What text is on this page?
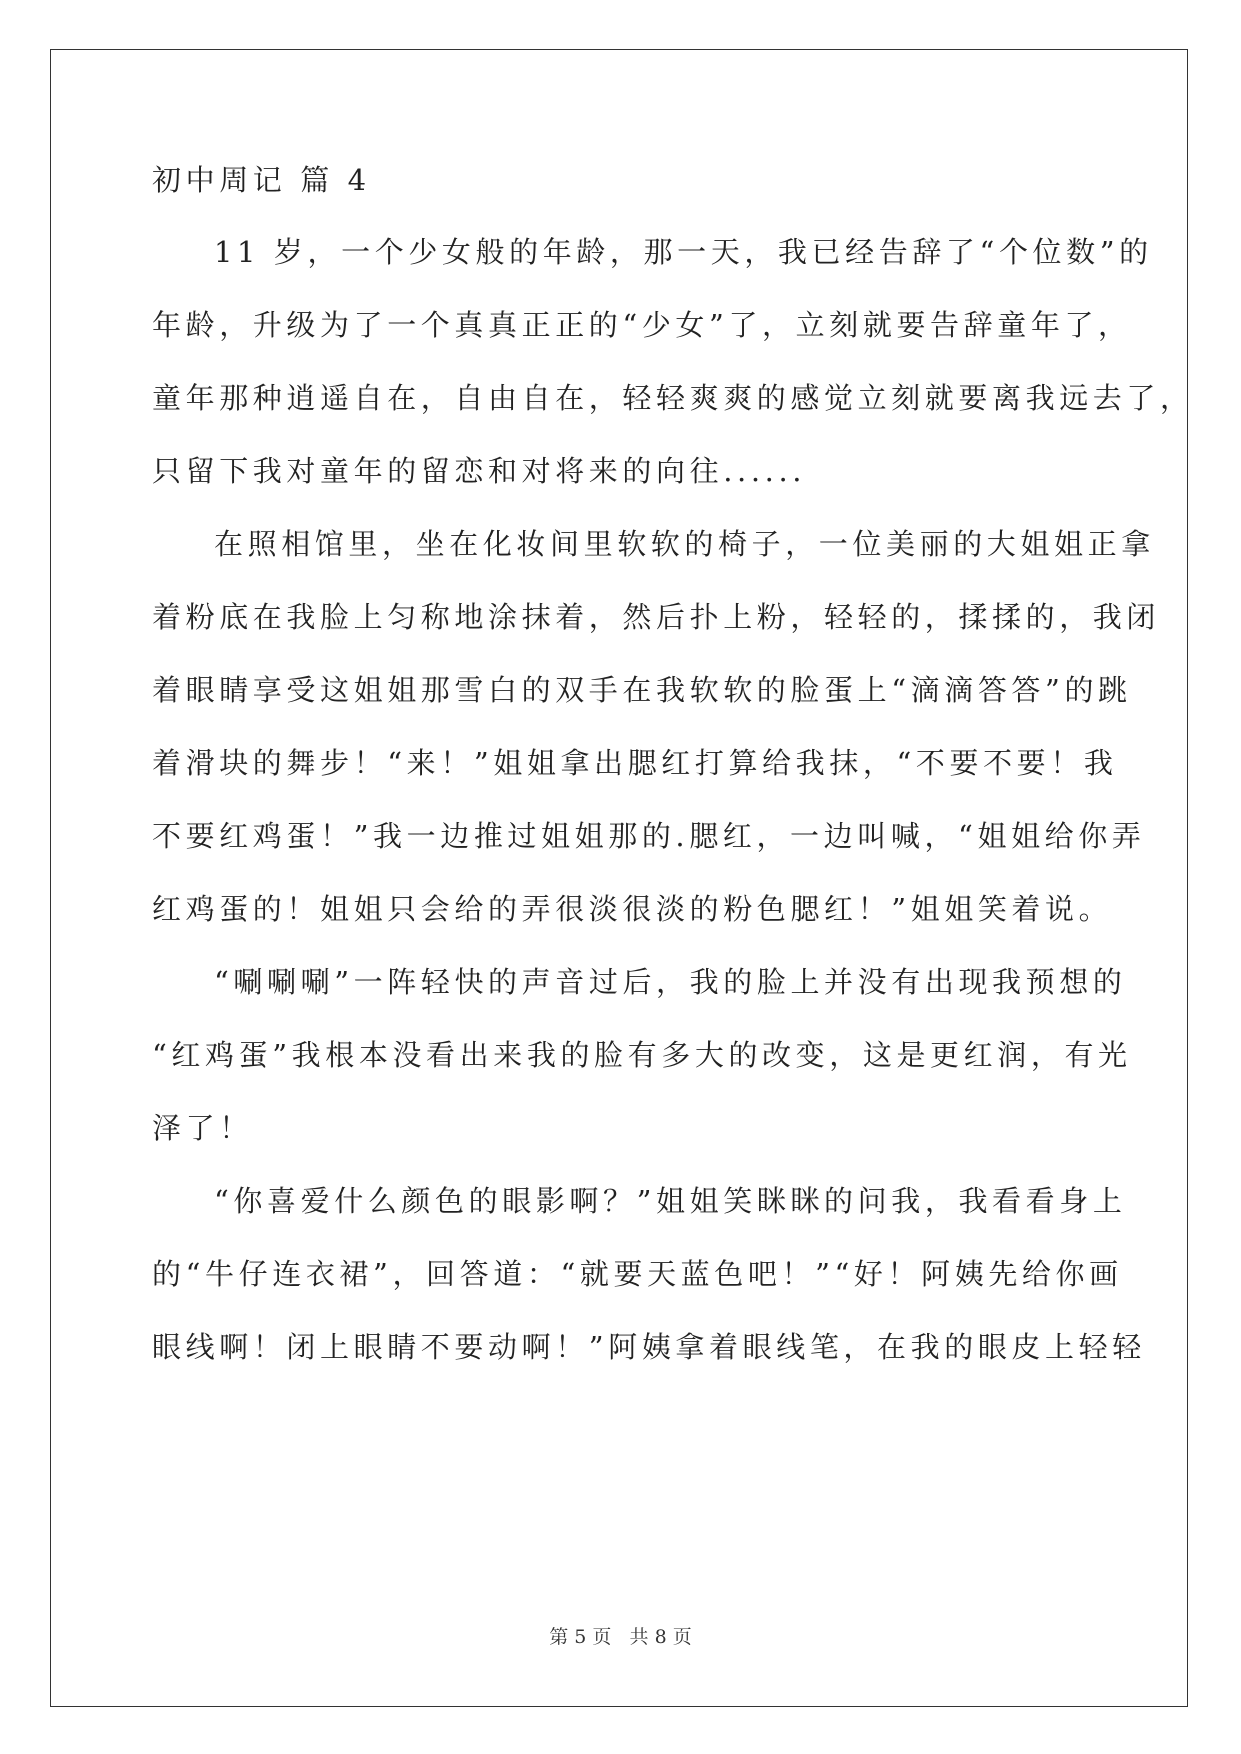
初中周记 篇 4
11 岁，一个少女般的年龄，那一天，我已经告辞了“个位数”的
年龄，升级为了一个真真正正的“少女”了，立刻就要告辞童年了，
童年那种逍遥自在，自由自在，轻轻爽爽的感觉立刻就要离我远去了，
只留下我对童年的留恋和对将来的向往......
在照相馆里，坐在化妆间里软软的椅子，一位美丽的大姐姐正拿
着粉底在我脸上匀称地涂抹着，然后扑上粉，轻轻的，揉揉的，我闭
着眼睛享受这姐姐那雪白的双手在我软软的脸蛋上“滴滴答答”的跳
着滑块的舞步！“来！”姐姐拿出腮红打算给我抹，“不要不要！我
不要红鸡蛋！”我一边推过姐姐那的.腮红，一边叫喊，“姐姐给你弄
红鸡蛋的！姐姐只会给的弄很淡很淡的粉色腮红！”姐姐笑着说。
“唰唰唰”一阵轻快的声音过后，我的脸上并没有出现我预想的
“红鸡蛋”我根本没看出来我的脸有多大的改变，这是更红润，有光
泽了！
“你喜爱什么颜色的眼影啊？”姐姐笑眯眯的问我，我看看身上
的“牛仔连衣裙”，回答道：“就要天蓝色吧！”“好！阿姨先给你画
眼线啊！闭上眼睛不要动啊！”阿姨拿着眼线笔，在我的眼皮上轻轻
第 5 页   共 8 页
